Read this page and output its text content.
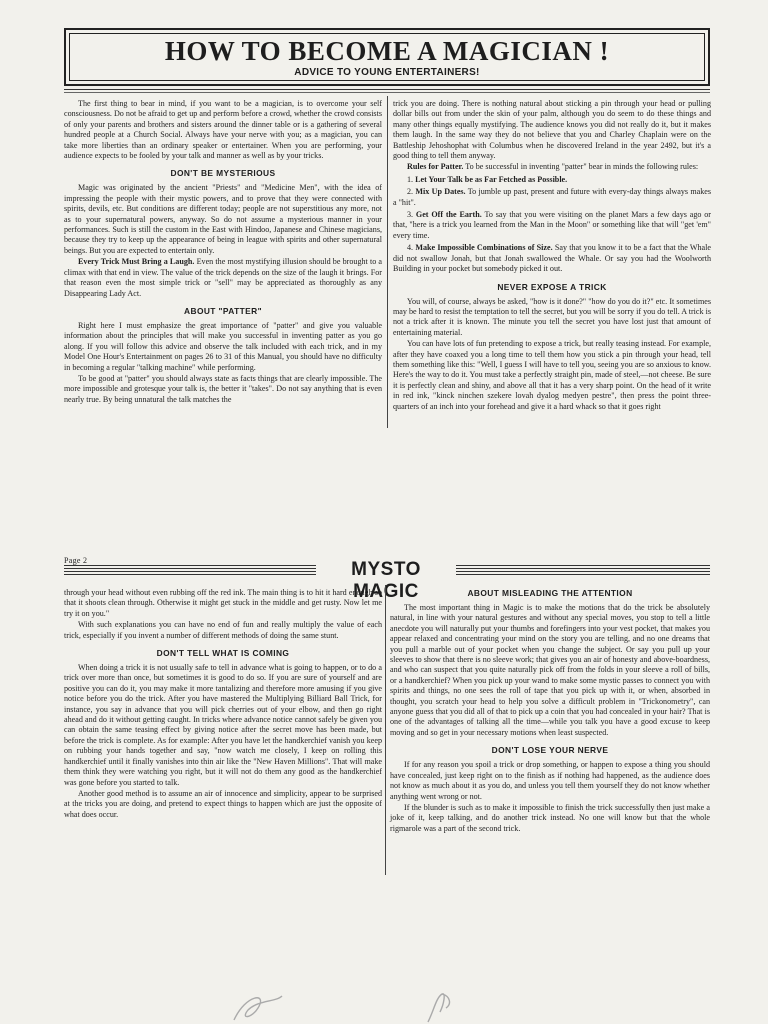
HOW TO BECOME A MAGICIAN !
ADVICE TO YOUNG ENTERTAINERS!

The first thing to bear in mind, if you want to be a magician, is to overcome your self consciousness. Do not be afraid to get up and perform before a crowd, whether the crowd consists of only your parents and brothers and sisters around the dinner table or is a gathering of several hundred people at a Church Social. Always have your nerve with you; as a magician, you can take more liberties than an ordinary speaker or entertainer. When you are performing, your audience expects to be fooled by your talk and manner as well as by your tricks.

DON'T BE MYSTERIOUS

Magic was originated by the ancient "Priests" and "Medicine Men", with the idea of impressing the people with their mystic powers, and to prove that they were connected with spirits, devils, etc. But conditions are different today; people are not superstitious any more, not as to your supernatural powers, anyway. So do not assume a mysterious manner in your performances. Such is still the custom in the East with Hindoo, Japanese and Chinese magicians, because they try to keep up the appearance of being in league with spirits and other supernatural beings. But you are expected to entertain only.

Every Trick Must Bring a Laugh. Even the most mystifying illusion should be brought to a climax with that end in view. The value of the trick depends on the size of the laugh it brings. For that reason even the most simple trick or "sell" may be appreciated as thoroughly as any Disappearing Lady Act.

ABOUT "PATTER"

Right here I must emphasize the great importance of "patter" and give you valuable information about the principles that will make you successful in inventing patter as you go along. If you will follow this advice and observe the talk included with each trick, and in my Model One Hour's Entertainment on pages 26 to 31 of this Manual, you should have no difficulty in becoming a regular "talking machine" while performing.

To be good at "patter" you should always state as facts things that are clearly impossible. The more impossible and grotesque your talk is, the better it "takes". Do not say anything that is even nearly true. By being unnatural the talk matches the

trick you are doing. There is nothing natural about sticking a pin through your head or pulling dollar bills out from under the skin of your palm, although you do seem to do these things and many other things equally mystifying. The audience knows you did not really do it, but it makes them laugh. In the same way they do not believe that you and Charley Chaplain were on the Battleship Jehoshophat with Columbus when he discovered Ireland in the year 2492, but it's a good thing to tell them anyway.

Rules for Patter. To be successful in inventing "patter" bear in minds the following rules:

1. Let Your Talk be as Far Fetched as Possible.

2. Mix Up Dates. To jumble up past, present and future with every-day things always makes a "hit".

3. Get Off the Earth. To say that you were visiting on the planet Mars a few days ago or that, "here is a trick you learned from the Man in the Moon" or something like that will "get 'em" every time.

4. Make Impossible Combinations of Size. Say that you know it to be a fact that the Whale did not swallow Jonah, but that Jonah swallowed the Whale. Or say you had the Woolworth Building in your pocket but somebody picked it out.

NEVER EXPOSE A TRICK

You will, of course, always be asked, "how is it done?" "how do you do it?" etc. It sometimes may be hard to resist the temptation to tell the secret, but you will be sorry if you do tell. A trick is not a trick after it is known. The minute you tell the secret you have lost just that amount of entertaining material.

You can have lots of fun pretending to expose a trick, but really teasing instead. For example, after they have coaxed you a long time to tell them how you stick a pin through your head, tell them something like this: "Well, I guess I will have to tell you, seeing you are so anxious to know. Here's the way to do it. You must take a perfectly straight pin, made of steel,—not cheese. Be sure it is perfectly clean and shiny, and above all that it has a very sharp point. On the head of it write in red ink, "kinck ninchen szekere lovah dyalog medyen pestre", then press the point three-quarters of an inch into your forehead and give it a hard whack so that it goes right

Page 2	MYSTO MAGIC

through your head without even rubbing off the red ink. The main thing is to hit it hard enough so that it shoots clean through. Otherwise it might get stuck in the middle and get rusty. Now let me try it on you."

With such explanations you can have no end of fun and really multiply the value of each trick, especially if you invent a number of different methods of doing the same stunt.

DON'T TELL WHAT IS COMING

When doing a trick it is not usually safe to tell in advance what is going to happen, or to do a trick over more than once, but sometimes it is good to do so. If you are sure of yourself and are positive you can do it, you may make it more tantalizing and therefore more amusing if you give notice before you do the trick. After you have mastered the Multiplying Billiard Ball Trick, for instance, you say in advance that you will pick cherries out of your elbow, and then go right ahead and do it without getting caught. In tricks where advance notice cannot safely be given you can obtain the same teasing effect by giving notice after the secret move has been made, but before the trick is complete. As for example: After you have let the handkerchief vanish you keep on rubbing your hands together and say, "now watch me closely, I keep on rolling this handkerchief until it finally vanishes into thin air like the "New Haven Millions". That will make them think they were watching you right, but it will not do them any good as the handkerchief was gone before you started to talk.

Another good method is to assume an air of innocence and simplicity, appear to be surprised at the tricks you are doing, and pretend to expect things to happen which are just the opposite of what does occur.

ABOUT MISLEADING THE ATTENTION

The most important thing in Magic is to make the motions that do the trick be absolutely natural, in line with your natural gestures and without any special moves, you stop to tell a little anecdote you will naturally put your thumbs and forefingers into your vest pocket, that makes you appear relaxed and concentrating your mind on the story you are telling, and no one dreams that you pull a marble out of your pocket when you change the subject. Or say you pull up your sleeves to show that there is no sleeve work; that gives you an air of honesty and above-boardness, and who can suspect that you quite naturally pick off from the folds in your sleeve a roll of bills, or a handkerchief? When you pick up your wand to make some mystic passes to connect you with spirits and things, no one sees the roll of tape that you pick up with it, or when, absorbed in thought, you scratch your head to help you solve a difficult problem in "Trickonometry", can anyone guess that you did all of that to pick up a coin that you had concealed in your hair? That is one of the advantages of talking all the time—while you talk you have a good excuse to keep moving and so get in your necessary motions when least suspected.

DON'T LOSE YOUR NERVE

If for any reason you spoil a trick or drop something, or happen to expose a thing you should have concealed, just keep right on to the finish as if nothing had happened, as the audience does not know as much about it as you do, and unless you tell them yourself they do not know whether anything went wrong or not.

If the blunder is such as to make it impossible to finish the trick successfully then just make a joke of it, keep talking, and do another trick instead. No one will know but that the whole rigmarole was a part of the second trick.
